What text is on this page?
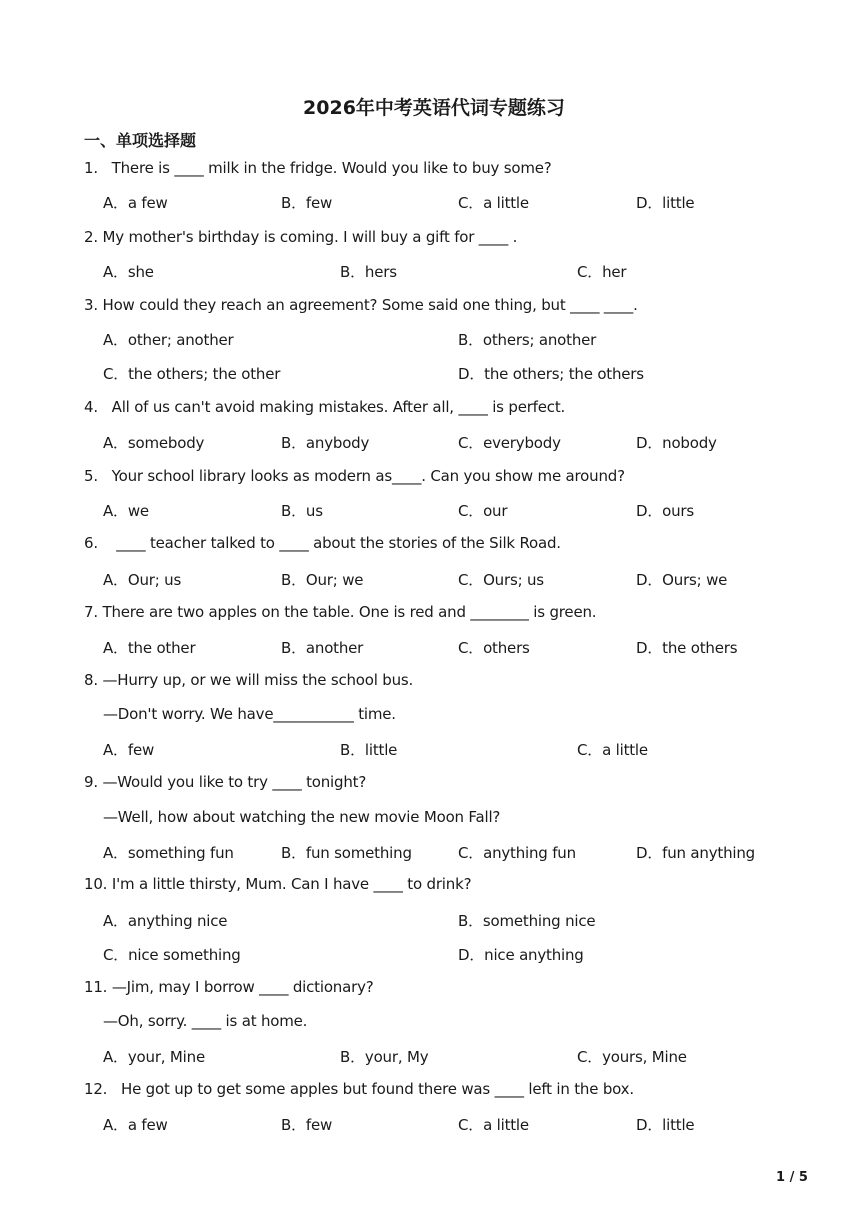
2026年中考英语代词专题练习
一、单项选择题
1. There is ____ milk in the fridge. Would you like to buy some?
A．a few	B．few	C．a little	D．little
2. My mother's birthday is coming. I will buy a gift for ____ .
A．she	B．hers	C．her
3. How could they reach an agreement? Some said one thing, but ____ ____.
A．other; another	B．others; another
C．the others; the other	D．the others; the others
4. All of us can't avoid making mistakes. After all, ____ is perfect.
A．somebody	B．anybody	C．everybody	D．nobody
5. Your school library looks as modern as____. Can you show me around?
A．we	B．us	C．our	D．ours
6. ____ teacher talked to ____ about the stories of the Silk Road.
A．Our; us	B．Our; we	C．Ours; us	D．Ours; we
7. There are two apples on the table. One is red and ________ is green.
A．the other	B．another	C．others	D．the others
8. —Hurry up, or we will miss the school bus.
—Don't worry. We have___________ time.
A．few	B．little	C．a little
9. —Would you like to try ____ tonight?
—Well, how about watching the new movie Moon Fall?
A．something fun	B．fun something	C．anything fun	D．fun anything
10. I'm a little thirsty, Mum. Can I have ____ to drink?
A．anything nice	B．something nice
C．nice something	D．nice anything
11. —Jim, may I borrow ____ dictionary?
—Oh, sorry. ____ is at home.
A．your, Mine	B．your, My	C．yours, Mine
12. He got up to get some apples but found there was ____ left in the box.
A．a few	B．few	C．a little	D．little
1 / 5
